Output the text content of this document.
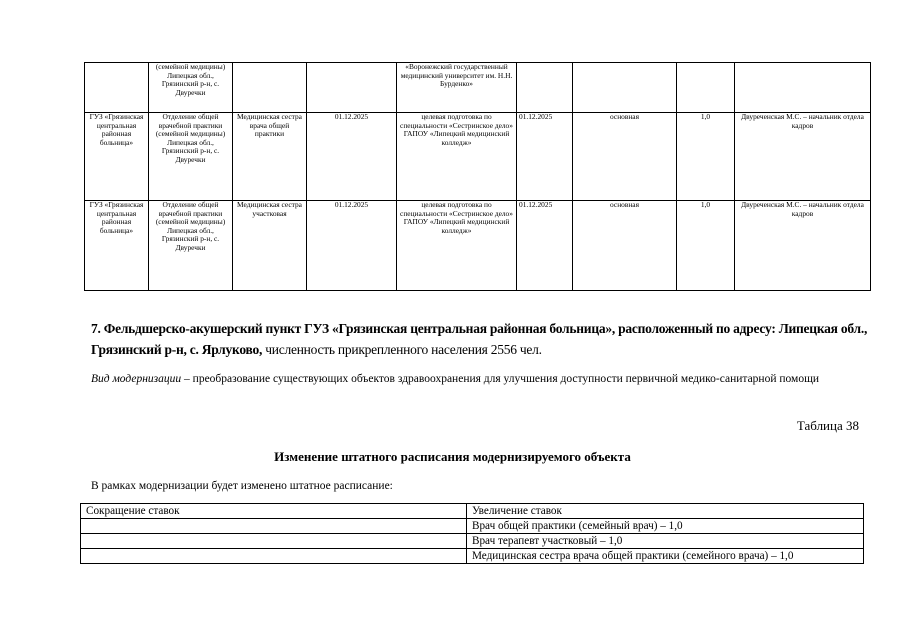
	(семейной медицины) Липецкая обл., Грязинский р-н, с. Двуречки			«Воронежский государственный медицинский университет им. Н.Н. Бурденко»				
ГУЗ «Грязинская центральная районная больница»	Отделение общей врачебной практики (семейной медицины) Липецкая обл., Грязинский р-н, с. Двуречки	Медицинская сестра врача общей практики	01.12.2025	целевая подготовка по специальности «Сестринское дело» ГАПОУ «Липецкий медицинский колледж»	01.12.2025	основная	1,0	Двуреченская М.С. – начальник отдела кадров
ГУЗ «Грязинская центральная районная больница»	Отделение общей врачебной практики (семейной медицины) Липецкая обл., Грязинский р-н, с. Двуречки	Медицинская сестра участковая	01.12.2025	целевая подготовка по специальности «Сестринское дело» ГАПОУ «Липецкий медицинский колледж»	01.12.2025	основная	1,0	Двуреченская М.С. – начальник отдела кадров
7. Фельдшерско-акушерский пункт ГУЗ «Грязинская центральная районная больница», расположенный по адресу: Липецкая обл., Грязинский р-н, с. Ярлуково, численность прикрепленного населения 2556 чел.
Вид модернизации – преобразование существующих объектов здравоохранения для улучшения доступности первичной медико-санитарной помощи
Таблица 38
Изменение штатного расписания модернизируемого объекта
В рамках модернизации будет изменено штатное расписание:
Сокращение ставок	Увеличение ставок
	Врач общей практики (семейный врач) – 1,0
	Врач терапевт участковый – 1,0
	Медицинская сестра врача общей практики (семейного врача) – 1,0
